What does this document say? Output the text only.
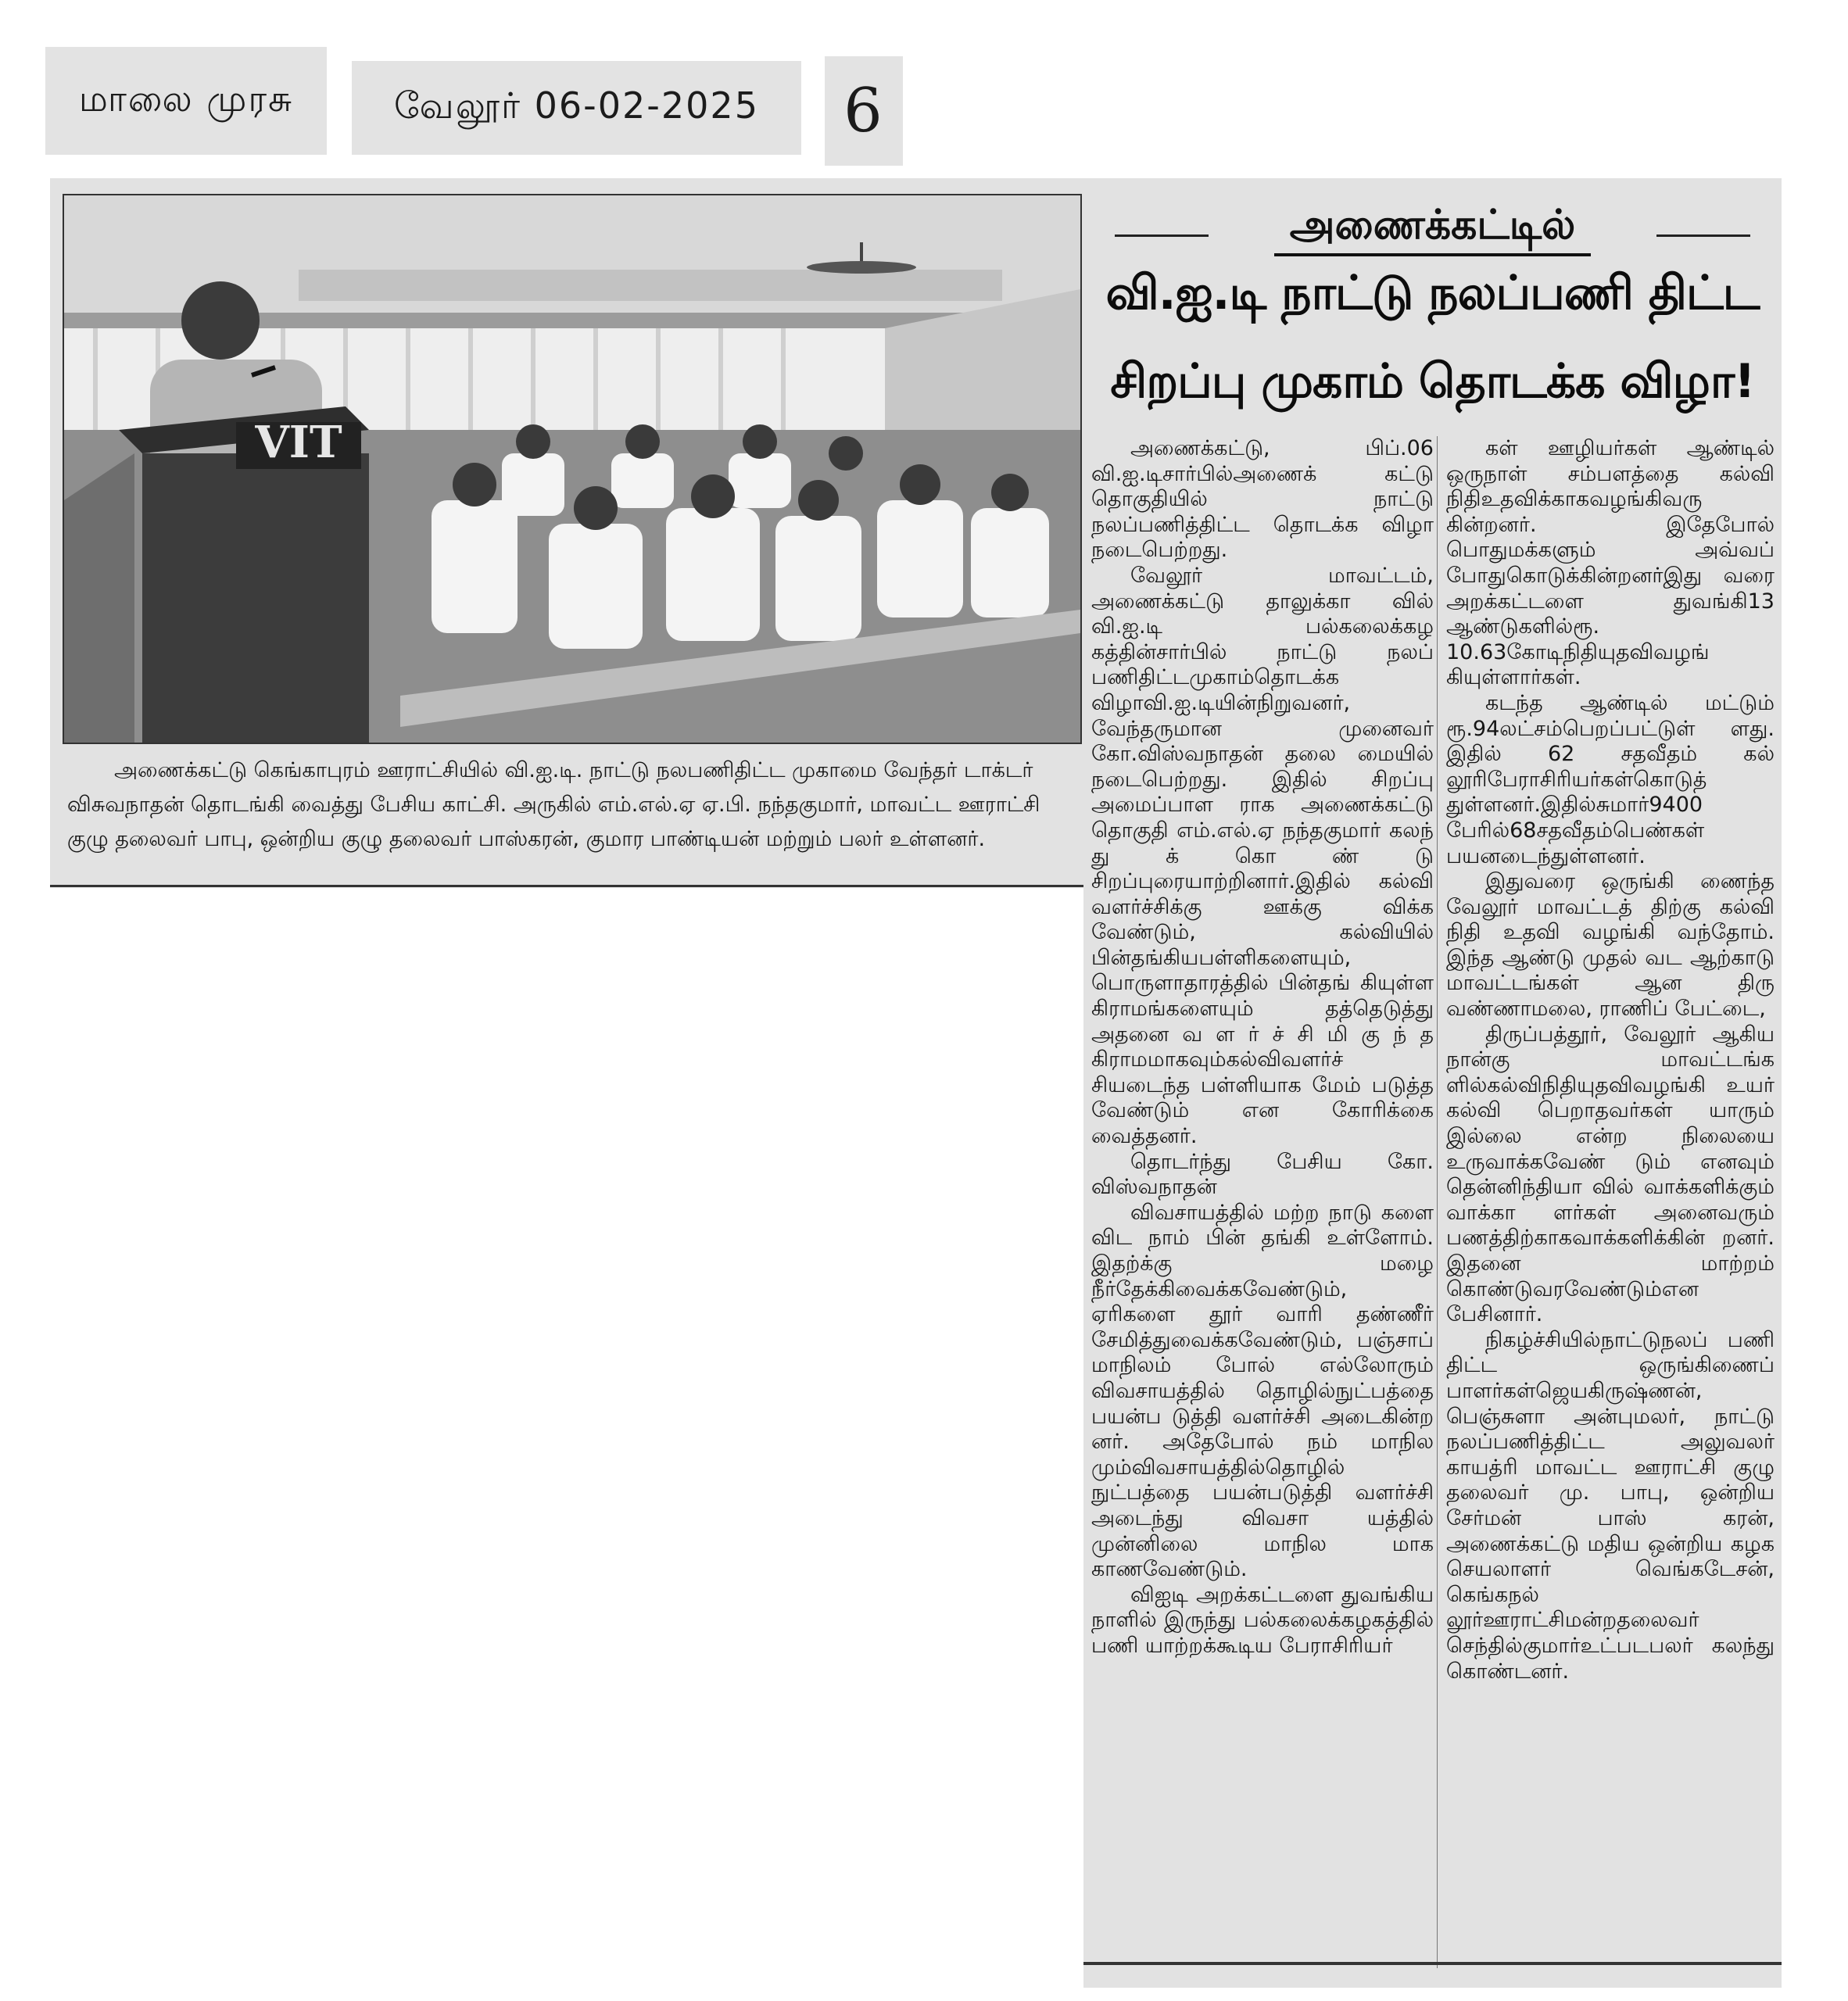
மாலை முரசு	வேலூர் 06-02-2025 6
VIT
அணைக்கட்டு கெங்காபுரம் ஊராட்சியில் வி.ஐ.டி. நாட்டு நலபணிதிட்ட முகாமை வேந்தர் டாக்டர் விசுவநாதன் தொடங்கி வைத்து பேசிய காட்சி. அருகில் எம்.எல்.ஏ ஏ.பி. நந்தகுமார், மாவட்ட ஊராட்சி குழு தலைவர் பாபு, ஒன்றிய குழு தலைவர் பாஸ்கரன், குமார பாண்டியன் மற்றும் பலர் உள்ளனர்.
அணைக்கட்டில்
வி.ஐ.டி நாட்டு நலப்பணி திட்ட
சிறப்பு முகாம் தொடக்க விழா!

அணைக்கட்டு, பிப்.06 வி.ஐ.டிசார்பில்அணைக் கட்டு தொகுதியில் நாட்டு நலப்பணித்திட்ட தொடக்க விழா நடைபெற்றது.

வேலூர் மாவட்டம், அணைக்கட்டு தாலுக்கா வில் வி.ஐ.டி பல்கலைக்கழ கத்தின்சார்பில் நாட்டு நலப் பணிதிட்டமுகாம்தொடக்க விழாவி.ஐ.டியின்நிறுவனர், வேந்தருமான முனைவர் கோ.விஸ்வநாதன் தலை மையில் நடைபெற்றது. இதில் சிறப்பு அமைப்பாள ராக அணைக்கட்டு தொகுதி எம்.எல்.ஏ நந்தகுமார் கலந் து க் கொ ண் டு சிறப்புரையாற்றினார்.இதில் கல்வி வளர்ச்சிக்கு ஊக்கு விக்க வேண்டும், கல்வியில் பின்தங்கியபள்ளிகளையும், பொருளாதாரத்தில் பின்தங் கியுள்ள கிராமங்களையும் தத்தெடுத்து அதனை வ ள ர் ச் சி மி கு ந் த கிராமமாகவும்கல்விவளர்ச் சியடைந்த பள்ளியாக மேம் படுத்த வேண்டும் என கோரிக்கை வைத்தனர்.

தொடர்ந்து பேசிய கோ. விஸ்வநாதன்

விவசாயத்தில் மற்ற நாடு களை விட நாம் பின் தங்கி உள்ளோம். இதற்க்கு மழை நீர்தேக்கிவைக்கவேண்டும், ஏரிகளை தூர் வாரி தண்ணீர் சேமித்துவைக்கவேண்டும், பஞ்சாப் மாநிலம் போல் எல்லோரும் விவசாயத்தில் தொழில்நுட்பத்தை பயன்ப டுத்தி வளர்ச்சி அடைகின்ற னர். அதேபோல் நம் மாநில மும்விவசாயத்தில்தொழில் நுட்பத்தை பயன்படுத்தி வளர்ச்சி அடைந்து விவசா யத்தில் முன்னிலை மாநில மாக காணவேண்டும்.

விஐடி அறக்கட்டளை துவங்கிய நாளில் இருந்து பல்கலைக்கழகத்தில் பணி யாற்றக்கூடிய பேராசிரியர்

கள் ஊழியர்கள் ஆண்டில் ஒருநாள் சம்பளத்தை கல்வி நிதிஉதவிக்காகவழங்கிவரு கின்றனர். இதேபோல் பொதுமக்களும் அவ்வப் போதுகொடுக்கின்றனர்இது வரை அறக்கட்டளை துவங்கி13 ஆண்டுகளில்ரூ. 10.63கோடிநிதியுதவிவழங் கியுள்ளார்கள்.

கடந்த ஆண்டில் மட்டும் ரூ.94லட்சம்பெறப்பட்டுள் ளது. இதில் 62 சதவீதம் கல் லூரிபேராசிரியர்கள்கொடுத் துள்ளனர்.இதில்சுமார்9400 பேரில்68சதவீதம்பெண்கள் பயனடைந்துள்ளனர்.

இதுவரை ஒருங்கி ணைந்த வேலூர் மாவட்டத் திற்கு கல்வி நிதி உதவி வழங்கி வந்தோம். இந்த ஆண்டு முதல் வட ஆற்காடு மாவட்டங்கள் ஆன திரு வண்ணாமலை, ராணிப் பேட்டை,

திருப்பத்தூர், வேலூர் ஆகிய நான்கு மாவட்டங்க ளில்கல்விநிதியுதவிவழங்கி உயர் கல்வி பெறாதவர்கள் யாரும் இல்லை என்ற நிலையை உருவாக்கவேண் டும் எனவும் தென்னிந்தியா வில் வாக்களிக்கும் வாக்கா ளர்கள் அனைவரும் பணத்திற்காகவாக்களிக்கின் றனர். இதனை மாற்றம் கொண்டுவரவேண்டும்என பேசினார்.

நிகழ்ச்சியில்நாட்டுநலப் பணி திட்ட ஒருங்கிணைப் பாளர்கள்ஜெயகிருஷ்ணன், பெஞ்சுளா அன்புமலர், நாட்டு நலப்பணித்திட்ட அலுவலர் காயத்ரி மாவட்ட ஊராட்சி குழு தலைவர் மு. பாபு, ஒன்றிய சேர்மன் பாஸ் கரன், அணைக்கட்டு மதிய ஒன்றிய கழக செயலாளர் வெங்கடேசன், கெங்கநல் லூர்ஊராட்சிமன்றதலைவர் செந்தில்குமார்உட்படபலர் கலந்து கொண்டனர்.
